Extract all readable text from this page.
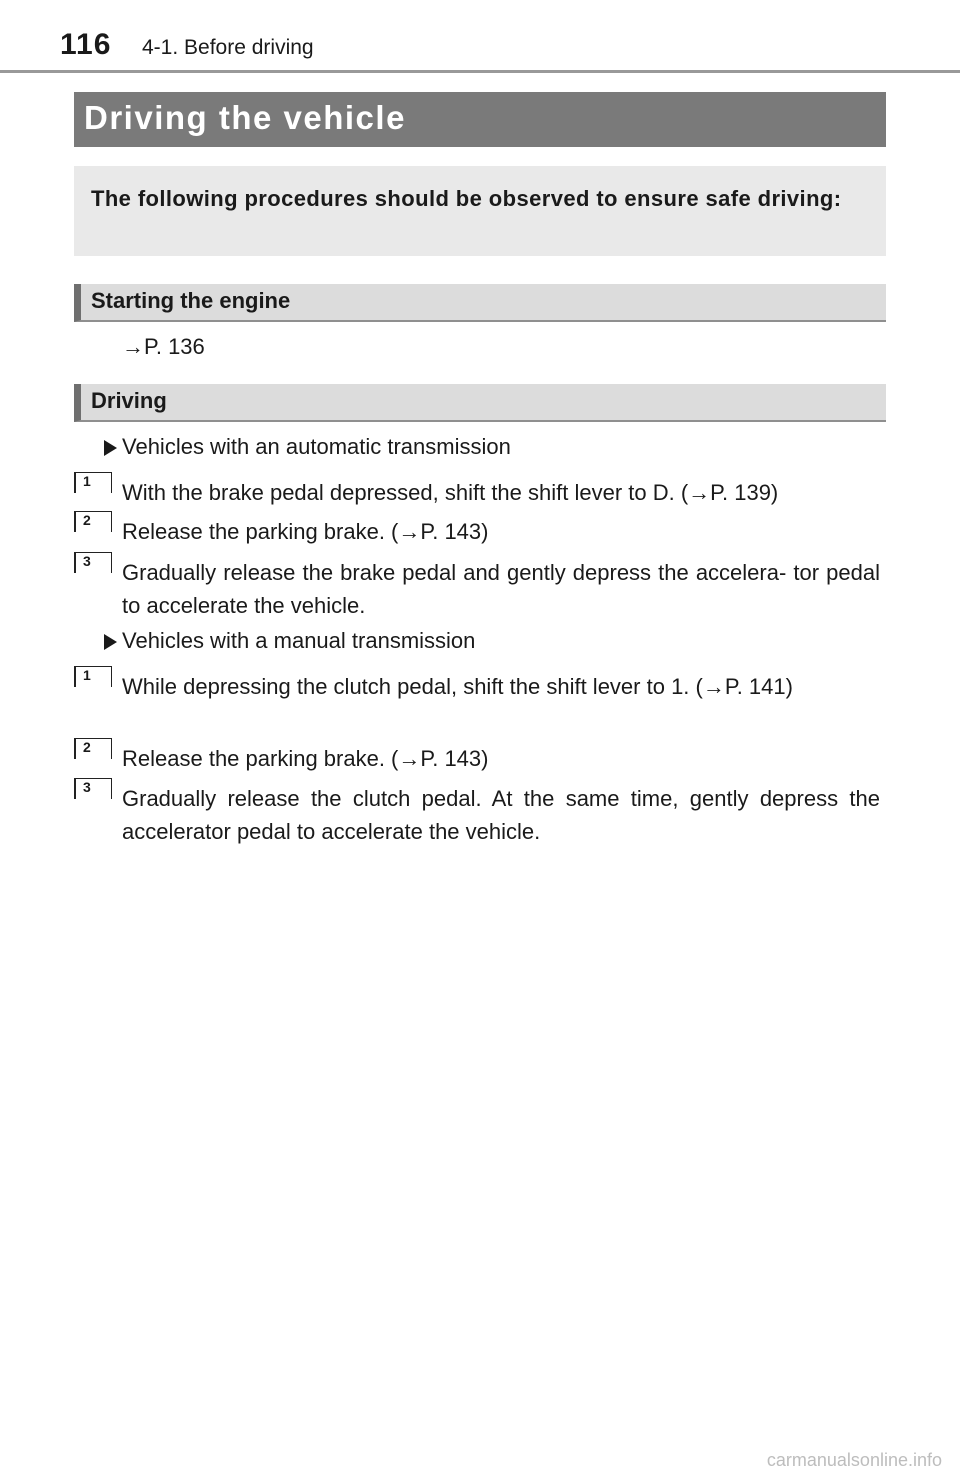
116 4-1. Before driving
Driving the vehicle

The following procedures should be observed to ensure safe driving:

Starting the engine
→P. 136
Driving
Vehicles with an automatic transmission
1	With the brake pedal depressed, shift the shift lever to D. (→P. 139)

2	Release the parking brake. (→P. 143)

3	Gradually release the brake pedal and gently depress the accelera- tor pedal to accelerate the vehicle.

Vehicles with a manual transmission
1	While depressing the clutch pedal, shift the shift lever to 1. (→P. 141)

2	Release the parking brake. (→P. 143)

3	Gradually release the clutch pedal. At the same time, gently depress the accelerator pedal to accelerate the vehicle.

carmanualsonline.info
